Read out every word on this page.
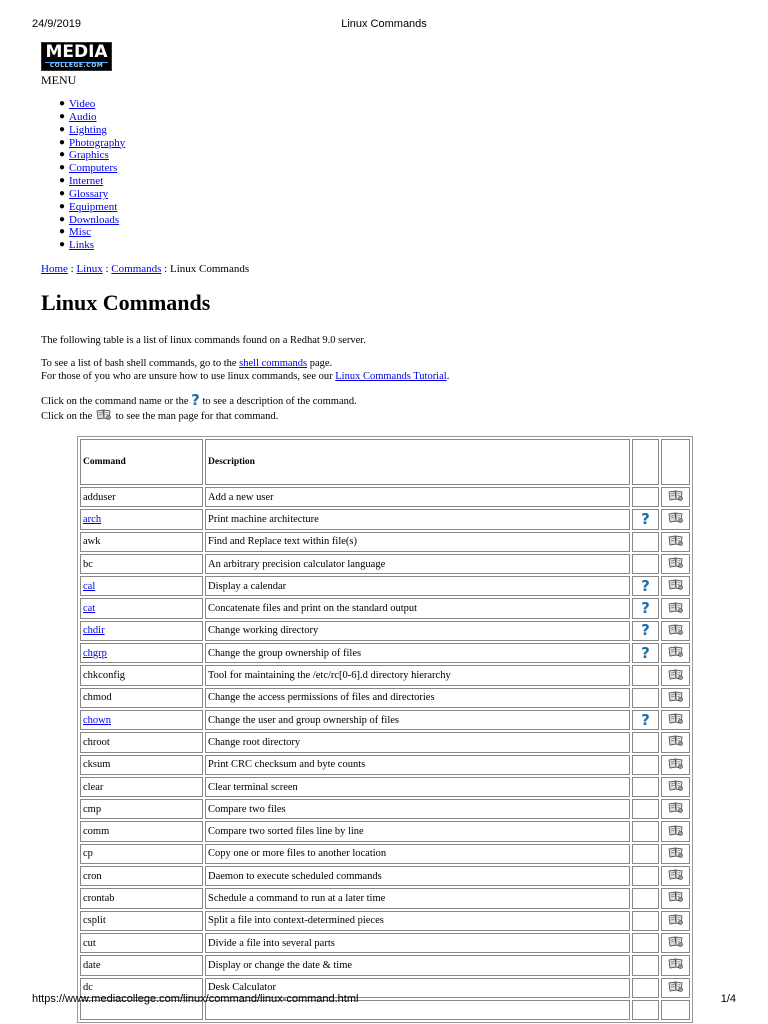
24/9/2019	Linux Commands
MEDIA
COLLEGE.COM
MENU
● Video
● Audio
● Lighting
● Photography
● Graphics
● Computers
● Internet
● Glossary
● Equipment
● Downloads
● Misc
● Links
Home : Linux : Commands : Linux Commands
Linux Commands
The following table is a list of linux commands found on a Redhat 9.0 server.
To see a list of bash shell commands, go to the shell commands page.
For those of you who are unsure how to use linux commands, see our Linux Commands Tutorial.
Click on the command name or the ? to see a description of the command.
Click on the  to see the man page for that command.
Command	Description		
adduser	Add a new user		
arch	Print machine architecture	?	
awk	Find and Replace text within file(s)		
bc	An arbitrary precision calculator language		
cal	Display a calendar	?	
cat	Concatenate files and print on the standard output	?	
chdir	Change working directory	?	
chgrp	Change the group ownership of files	?	
chkconfig	Tool for maintaining the /etc/rc[0-6].d directory hierarchy		
chmod	Change the access permissions of files and directories		
chown	Change the user and group ownership of files	?	
chroot	Change root directory		
cksum	Print CRC checksum and byte counts		
clear	Clear terminal screen		
cmp	Compare two files		
comm	Compare two sorted files line by line		
cp	Copy one or more files to another location		
cron	Daemon to execute scheduled commands		
crontab	Schedule a command to run at a later time		
csplit	Split a file into context-determined pieces		
cut	Divide a file into several parts		
date	Display or change the date & time		
dc	Desk Calculator		

https://www.mediacollege.com/linux/command/linux-command.html	1/4
